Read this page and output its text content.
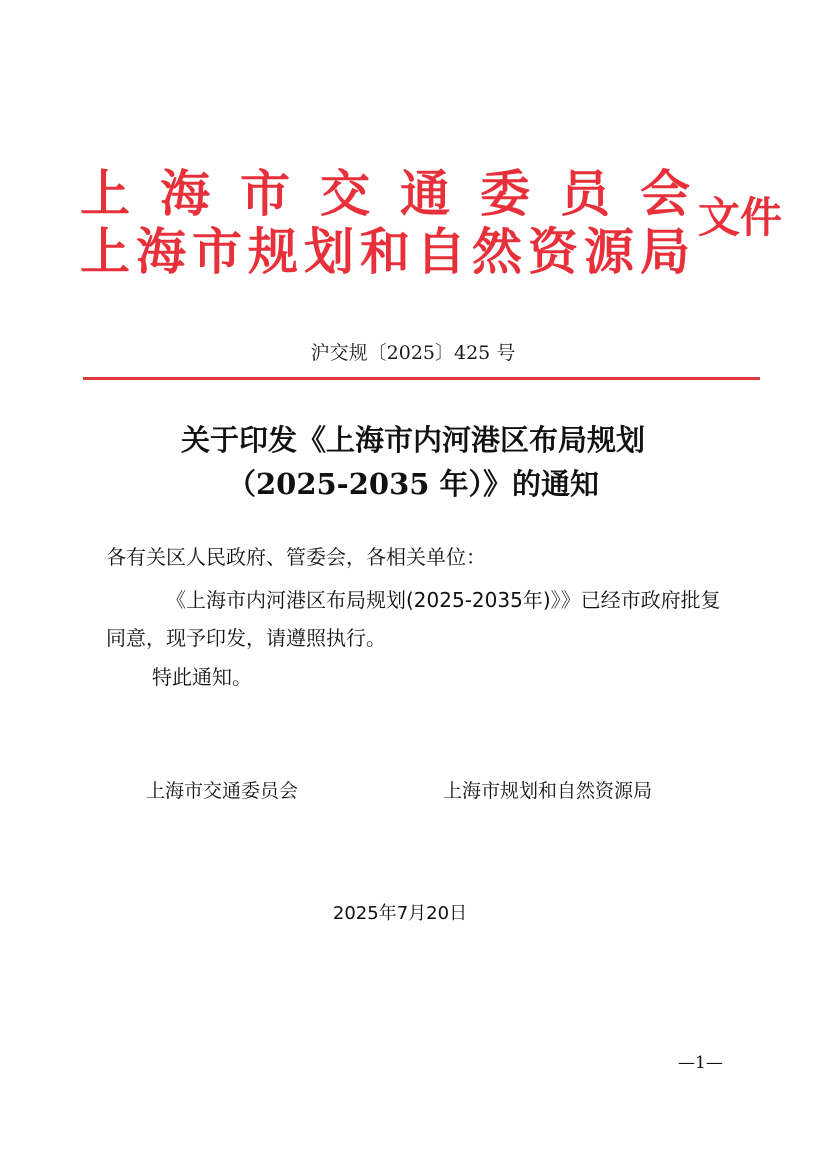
上海市交通委员会
上海市规划和自然资源局
文件
沪交规〔2025〕425 号
关于印发《上海市内河港区布局规划
（2025-2035 年）》的通知
各有关区人民政府、管委会，各相关单位：
《上海市内河港区布局规划(2025-2035年)》》已经市政府批复同意，现予印发，请遵照执行。
特此通知。
上海市交通委员会	上海市规划和自然资源局
2025年7月20日
—1—
